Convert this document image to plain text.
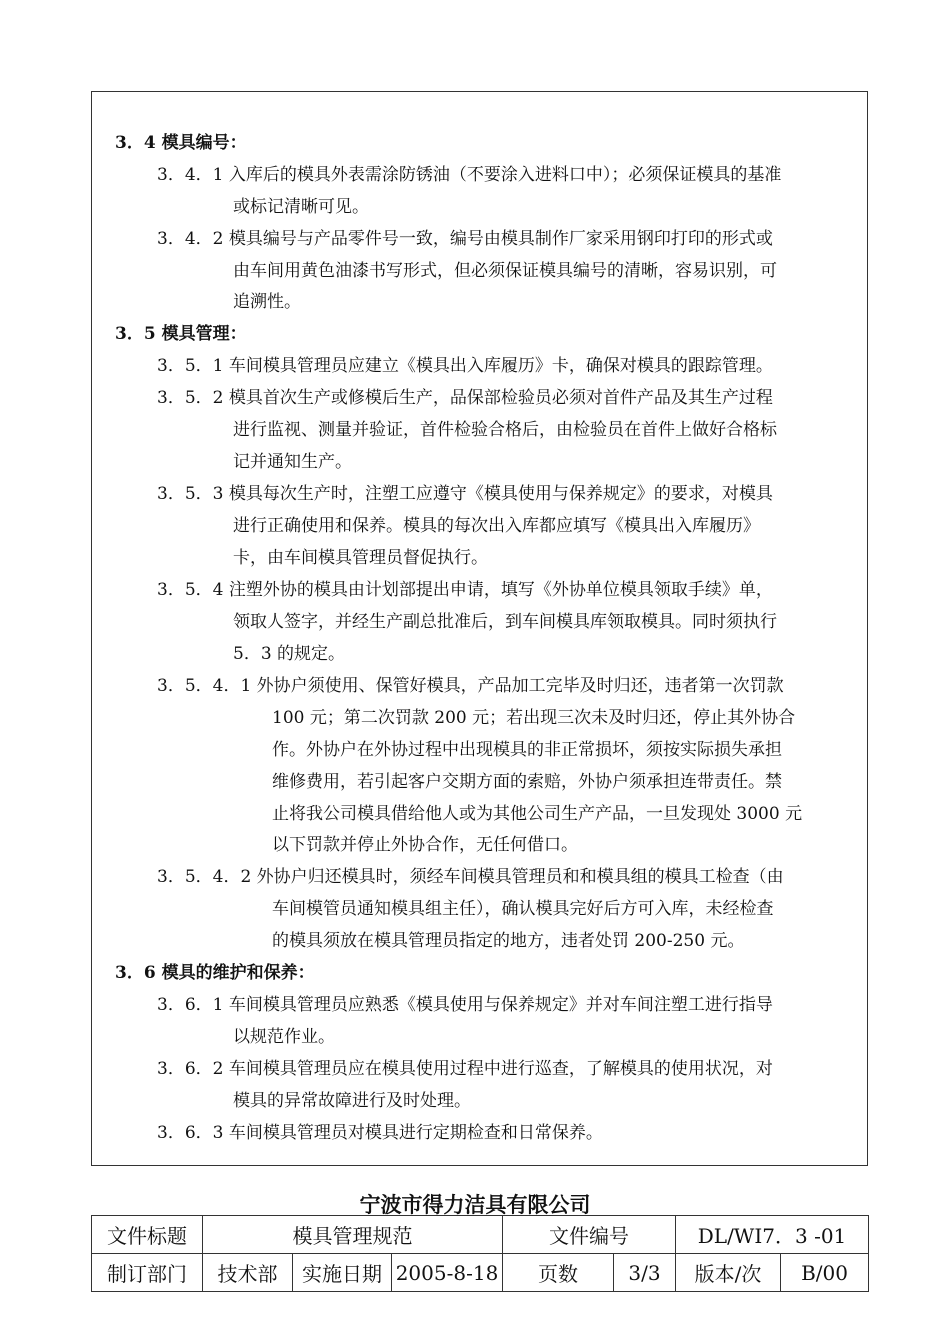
3．4 模具编号：
3．4．1 入库后的模具外表需涂防锈油（不要涂入进料口中）；必须保证模具的基准
或标记清晰可见。
3．4．2 模具编号与产品零件号一致，编号由模具制作厂家采用钢印打印的形式或
由车间用黄色油漆书写形式，但必须保证模具编号的清晰，容易识别，可
追溯性。
3．5 模具管理：
3．5．1 车间模具管理员应建立《模具出入库履历》卡，确保对模具的跟踪管理。
3．5．2 模具首次生产或修模后生产，品保部检验员必须对首件产品及其生产过程
进行监视、测量并验证，首件检验合格后，由检验员在首件上做好合格标
记并通知生产。
3．5．3 模具每次生产时，注塑工应遵守《模具使用与保养规定》的要求，对模具
进行正确使用和保养。模具的每次出入库都应填写《模具出入库履历》
卡，由车间模具管理员督促执行。
3．5．4 注塑外协的模具由计划部提出申请，填写《外协单位模具领取手续》单，
领取人签字，并经生产副总批准后，到车间模具库领取模具。同时须执行
5．3 的规定。
3．5．4．1 外协户须使用、保管好模具，产品加工完毕及时归还，违者第一次罚款
100 元；第二次罚款 200 元；若出现三次未及时归还，停止其外协合
作。外协户在外协过程中出现模具的非正常损坏，须按实际损失承担
维修费用，若引起客户交期方面的索赔，外协户须承担连带责任。禁
止将我公司模具借给他人或为其他公司生产产品，一旦发现处 3000 元
以下罚款并停止外协合作，无任何借口。
3．5．4．2 外协户归还模具时，须经车间模具管理员和和模具组的模具工检查（由
车间模管员通知模具组主任），确认模具完好后方可入库，未经检查
的模具须放在模具管理员指定的地方，违者处罚 200-250 元。
3．6 模具的维护和保养：
3．6．1 车间模具管理员应熟悉《模具使用与保养规定》并对车间注塑工进行指导
以规范作业。
3．6．2 车间模具管理员应在模具使用过程中进行巡查，了解模具的使用状况，对
模具的异常故障进行及时处理。
3．6．3 车间模具管理员对模具进行定期检查和日常保养。
宁波市得力洁具有限公司
文件标题	模具管理规范			文件编号		DL/WI7．3 -01	
制订部门	技术部	实施日期	2005-8-18	页数	3/3	版本/次	B/00
